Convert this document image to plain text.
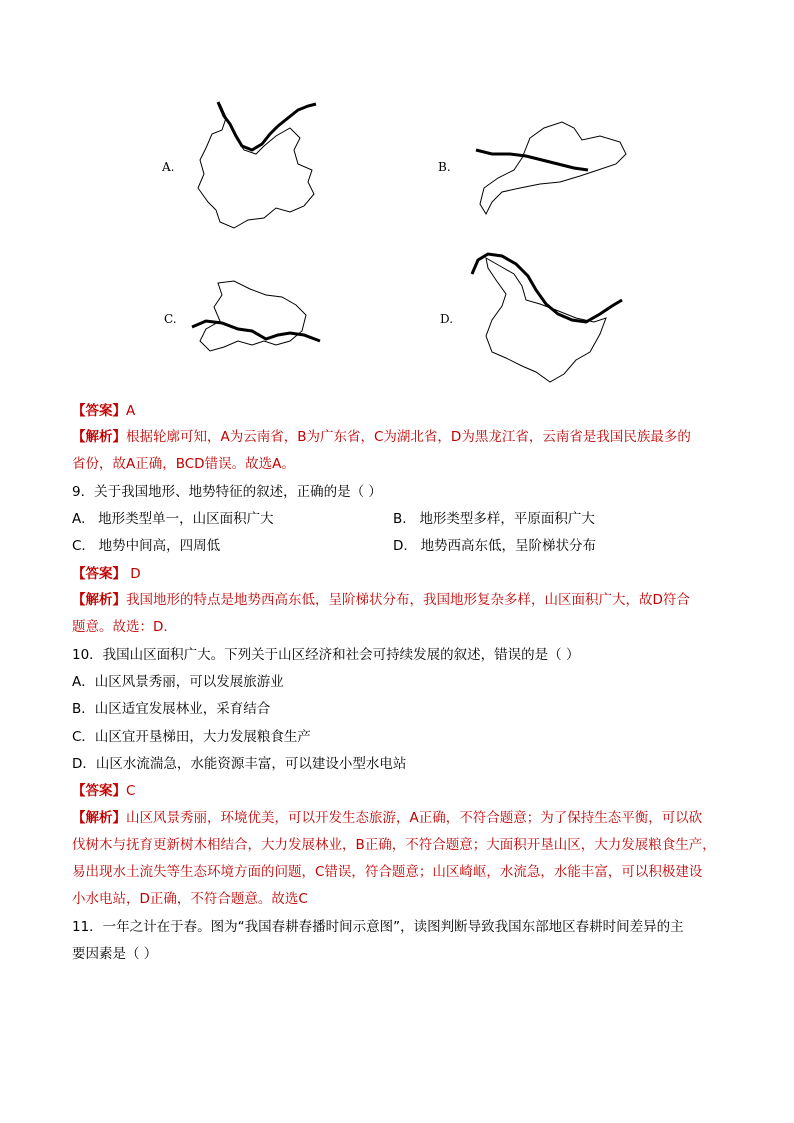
A.	B.
C.	D.
【答案】A
【解析】根据轮廓可知，A为云南省，B为广东省，C为湖北省，D为黑龙江省，云南省是我国民族最多的
省份，故A正确，BCD错误。故选A。
9．关于我国地形、地势特征的叙述，正确的是（ ）
A. 地形类型单一，山区面积广大	B. 地形类型多样，平原面积广大
C. 地势中间高，四周低	D. 地势西高东低，呈阶梯状分布
【答案】 D
【解析】我国地形的特点是地势西高东低，呈阶梯状分布，我国地形复杂多样，山区面积广大，故D符合
题意。故选：D.
10．我国山区面积广大。下列关于山区经济和社会可持续发展的叙述，错误的是（ ）
A．山区风景秀丽，可以发展旅游业
B．山区适宜发展林业，采育结合
C．山区宜开垦梯田，大力发展粮食生产
D．山区水流湍急，水能资源丰富，可以建设小型水电站
【答案】C
【解析】山区风景秀丽，环境优美，可以开发生态旅游，A正确，不符合题意；为了保持生态平衡，可以砍
伐树木与抚育更新树木相结合，大力发展林业，B正确，不符合题意；大面积开垦山区，大力发展粮食生产，
易出现水土流失等生态环境方面的问题，C错误，符合题意；山区崎岖，水流急，水能丰富，可以积极建设
小水电站，D正确，不符合题意。故选C
11．一年之计在于春。图为“我国春耕春播时间示意图”，读图判断导致我国东部地区春耕时间差异的主
要因素是（ ）
